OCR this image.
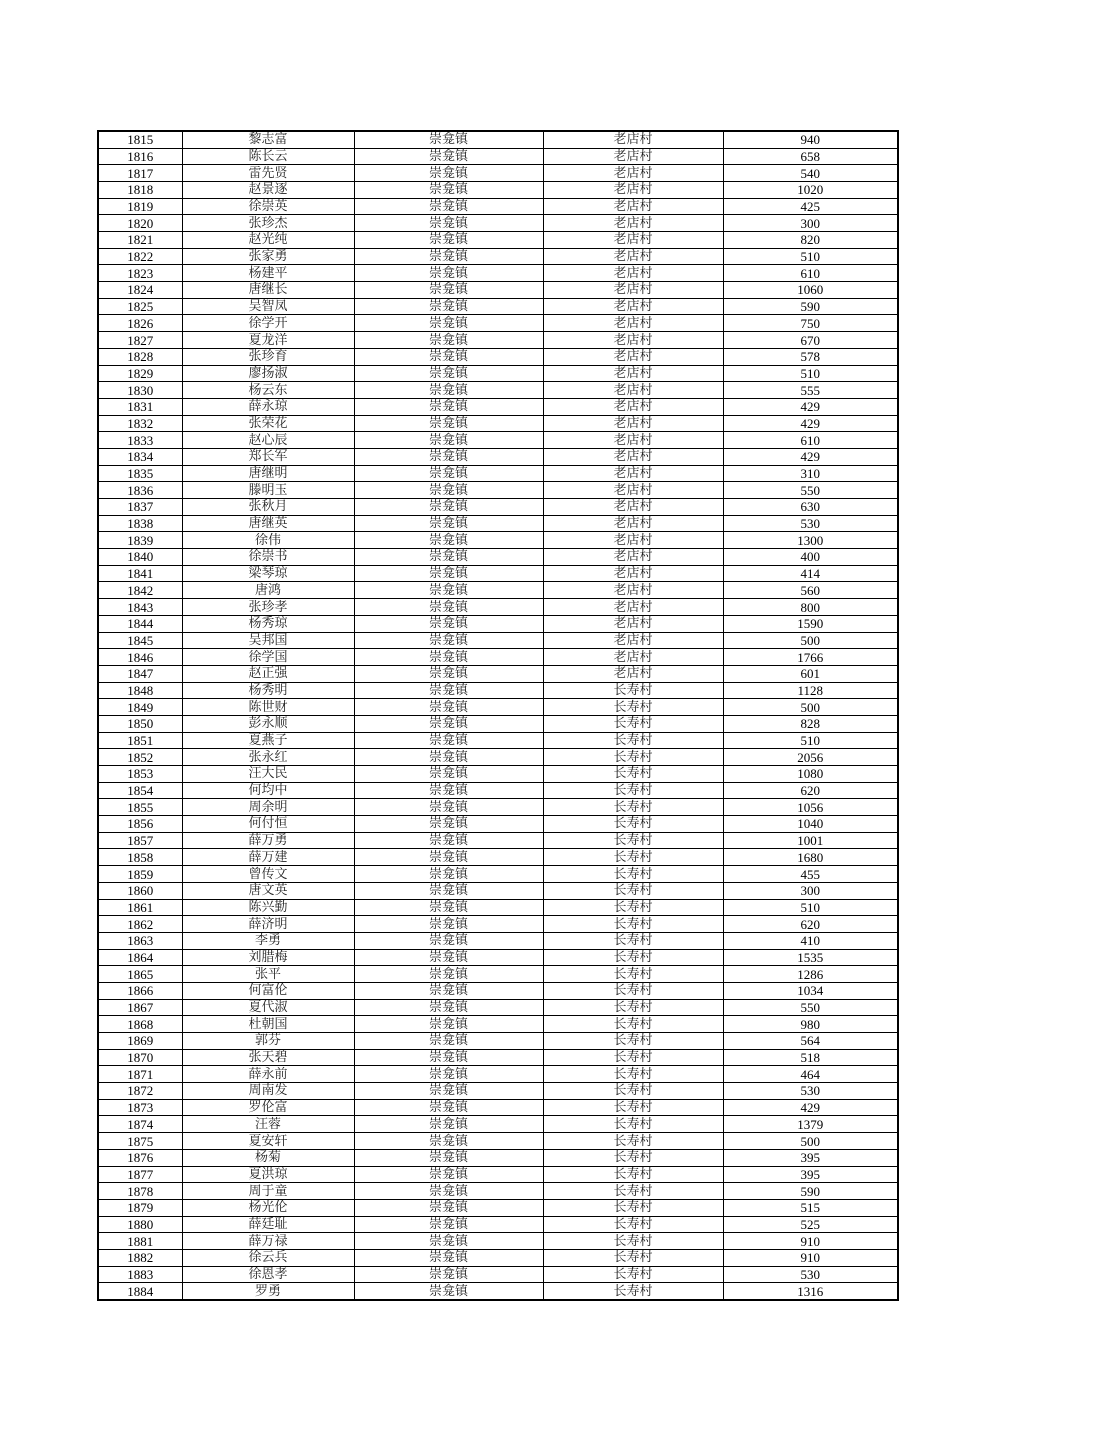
1815	黎志富	崇龛镇	老店村	940
1816	陈长云	崇龛镇	老店村	658
1817	雷先贤	崇龛镇	老店村	540
1818	赵景逐	崇龛镇	老店村	1020
1819	徐崇英	崇龛镇	老店村	425
1820	张珍杰	崇龛镇	老店村	300
1821	赵光纯	崇龛镇	老店村	820
1822	张家勇	崇龛镇	老店村	510
1823	杨建平	崇龛镇	老店村	610
1824	唐继长	崇龛镇	老店村	1060
1825	吴智凤	崇龛镇	老店村	590
1826	徐学开	崇龛镇	老店村	750
1827	夏龙洋	崇龛镇	老店村	670
1828	张珍育	崇龛镇	老店村	578
1829	廖扬淑	崇龛镇	老店村	510
1830	杨云东	崇龛镇	老店村	555
1831	薛永琼	崇龛镇	老店村	429
1832	张荣花	崇龛镇	老店村	429
1833	赵心辰	崇龛镇	老店村	610
1834	郑长军	崇龛镇	老店村	429
1835	唐继明	崇龛镇	老店村	310
1836	滕明玉	崇龛镇	老店村	550
1837	张秋月	崇龛镇	老店村	630
1838	唐继英	崇龛镇	老店村	530
1839	徐伟	崇龛镇	老店村	1300
1840	徐崇书	崇龛镇	老店村	400
1841	梁琴琼	崇龛镇	老店村	414
1842	唐鸿	崇龛镇	老店村	560
1843	张珍孝	崇龛镇	老店村	800
1844	杨秀琼	崇龛镇	老店村	1590
1845	吴邦国	崇龛镇	老店村	500
1846	徐学国	崇龛镇	老店村	1766
1847	赵正强	崇龛镇	老店村	601
1848	杨秀明	崇龛镇	长寿村	1128
1849	陈世财	崇龛镇	长寿村	500
1850	彭永顺	崇龛镇	长寿村	828
1851	夏燕子	崇龛镇	长寿村	510
1852	张永红	崇龛镇	长寿村	2056
1853	汪大民	崇龛镇	长寿村	1080
1854	何均中	崇龛镇	长寿村	620
1855	周余明	崇龛镇	长寿村	1056
1856	何付恒	崇龛镇	长寿村	1040
1857	薛万勇	崇龛镇	长寿村	1001
1858	薛万建	崇龛镇	长寿村	1680
1859	曾传文	崇龛镇	长寿村	455
1860	唐文英	崇龛镇	长寿村	300
1861	陈兴勤	崇龛镇	长寿村	510
1862	薛济明	崇龛镇	长寿村	620
1863	李勇	崇龛镇	长寿村	410
1864	刘腊梅	崇龛镇	长寿村	1535
1865	张平	崇龛镇	长寿村	1286
1866	何富伦	崇龛镇	长寿村	1034
1867	夏代淑	崇龛镇	长寿村	550
1868	杜朝国	崇龛镇	长寿村	980
1869	郭芬	崇龛镇	长寿村	564
1870	张天碧	崇龛镇	长寿村	518
1871	薛永前	崇龛镇	长寿村	464
1872	周南发	崇龛镇	长寿村	530
1873	罗伦富	崇龛镇	长寿村	429
1874	汪蓉	崇龛镇	长寿村	1379
1875	夏安轩	崇龛镇	长寿村	500
1876	杨菊	崇龛镇	长寿村	395
1877	夏洪琼	崇龛镇	长寿村	395
1878	周于童	崇龛镇	长寿村	590
1879	杨光伦	崇龛镇	长寿村	515
1880	薛廷耻	崇龛镇	长寿村	525
1881	薛万禄	崇龛镇	长寿村	910
1882	徐云兵	崇龛镇	长寿村	910
1883	徐恩孝	崇龛镇	长寿村	530
1884	罗勇	崇龛镇	长寿村	1316
